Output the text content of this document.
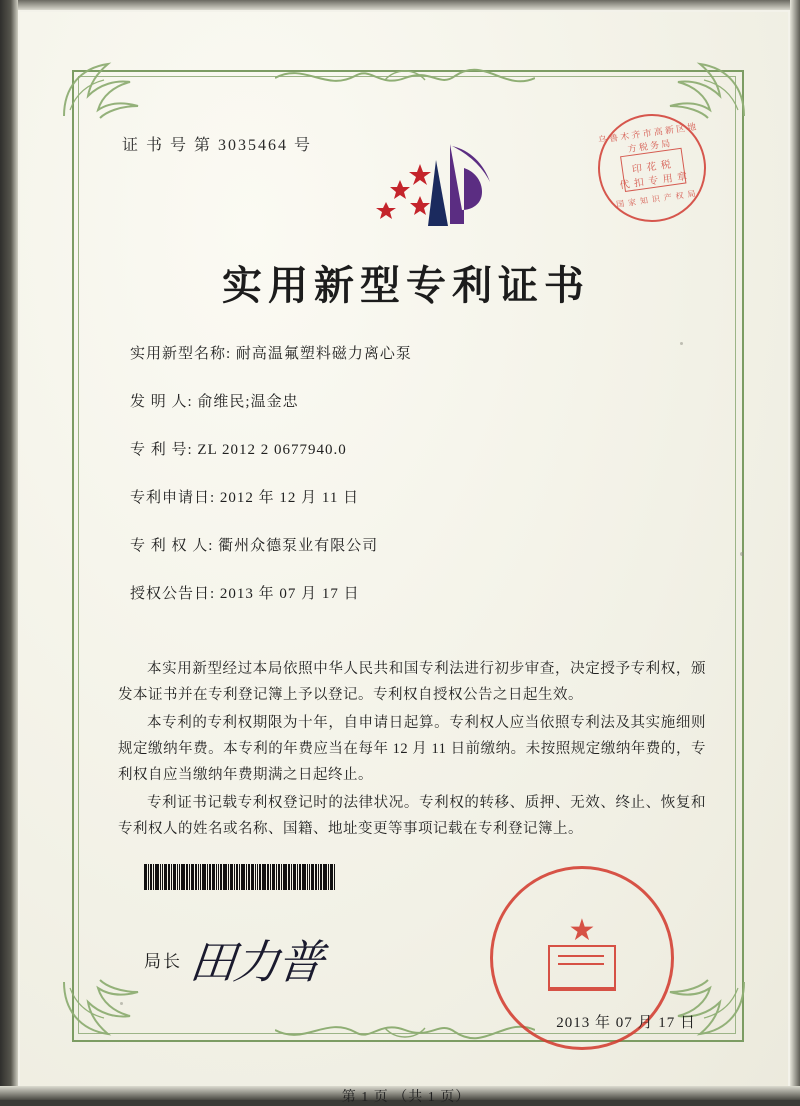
证 书 号 第 3035464 号
乌 鲁 木 齐 市 高 新 区 地 方 税 务 局
印 花 税
代 扣 专 用 章
国 家 知 识 产 权 局
实用新型专利证书
实用新型名称: 耐高温氟塑料磁力离心泵
发 明 人: 俞维民;温金忠
专 利 号: ZL 2012 2 0677940.0
专利申请日: 2012 年 12 月 11 日
专 利 权 人: 衢州众德泵业有限公司
授权公告日: 2013 年 07 月 17 日

本实用新型经过本局依照中华人民共和国专利法进行初步审查，决定授予专利权，颁发本证书并在专利登记簿上予以登记。专利权自授权公告之日起生效。

本专利的专利权期限为十年，自申请日起算。专利权人应当依照专利法及其实施细则规定缴纳年费。本专利的年费应当在每年 12 月 11 日前缴纳。未按照规定缴纳年费的，专利权自应当缴纳年费期满之日起终止。

专利证书记载专利权登记时的法律状况。专利权的转移、质押、无效、终止、恢复和专利权人的姓名或名称、国籍、地址变更等事项记载在专利登记簿上。

局长 田力普
★
2013 年 07 月 17 日
第 1 页 （共 1 页）
